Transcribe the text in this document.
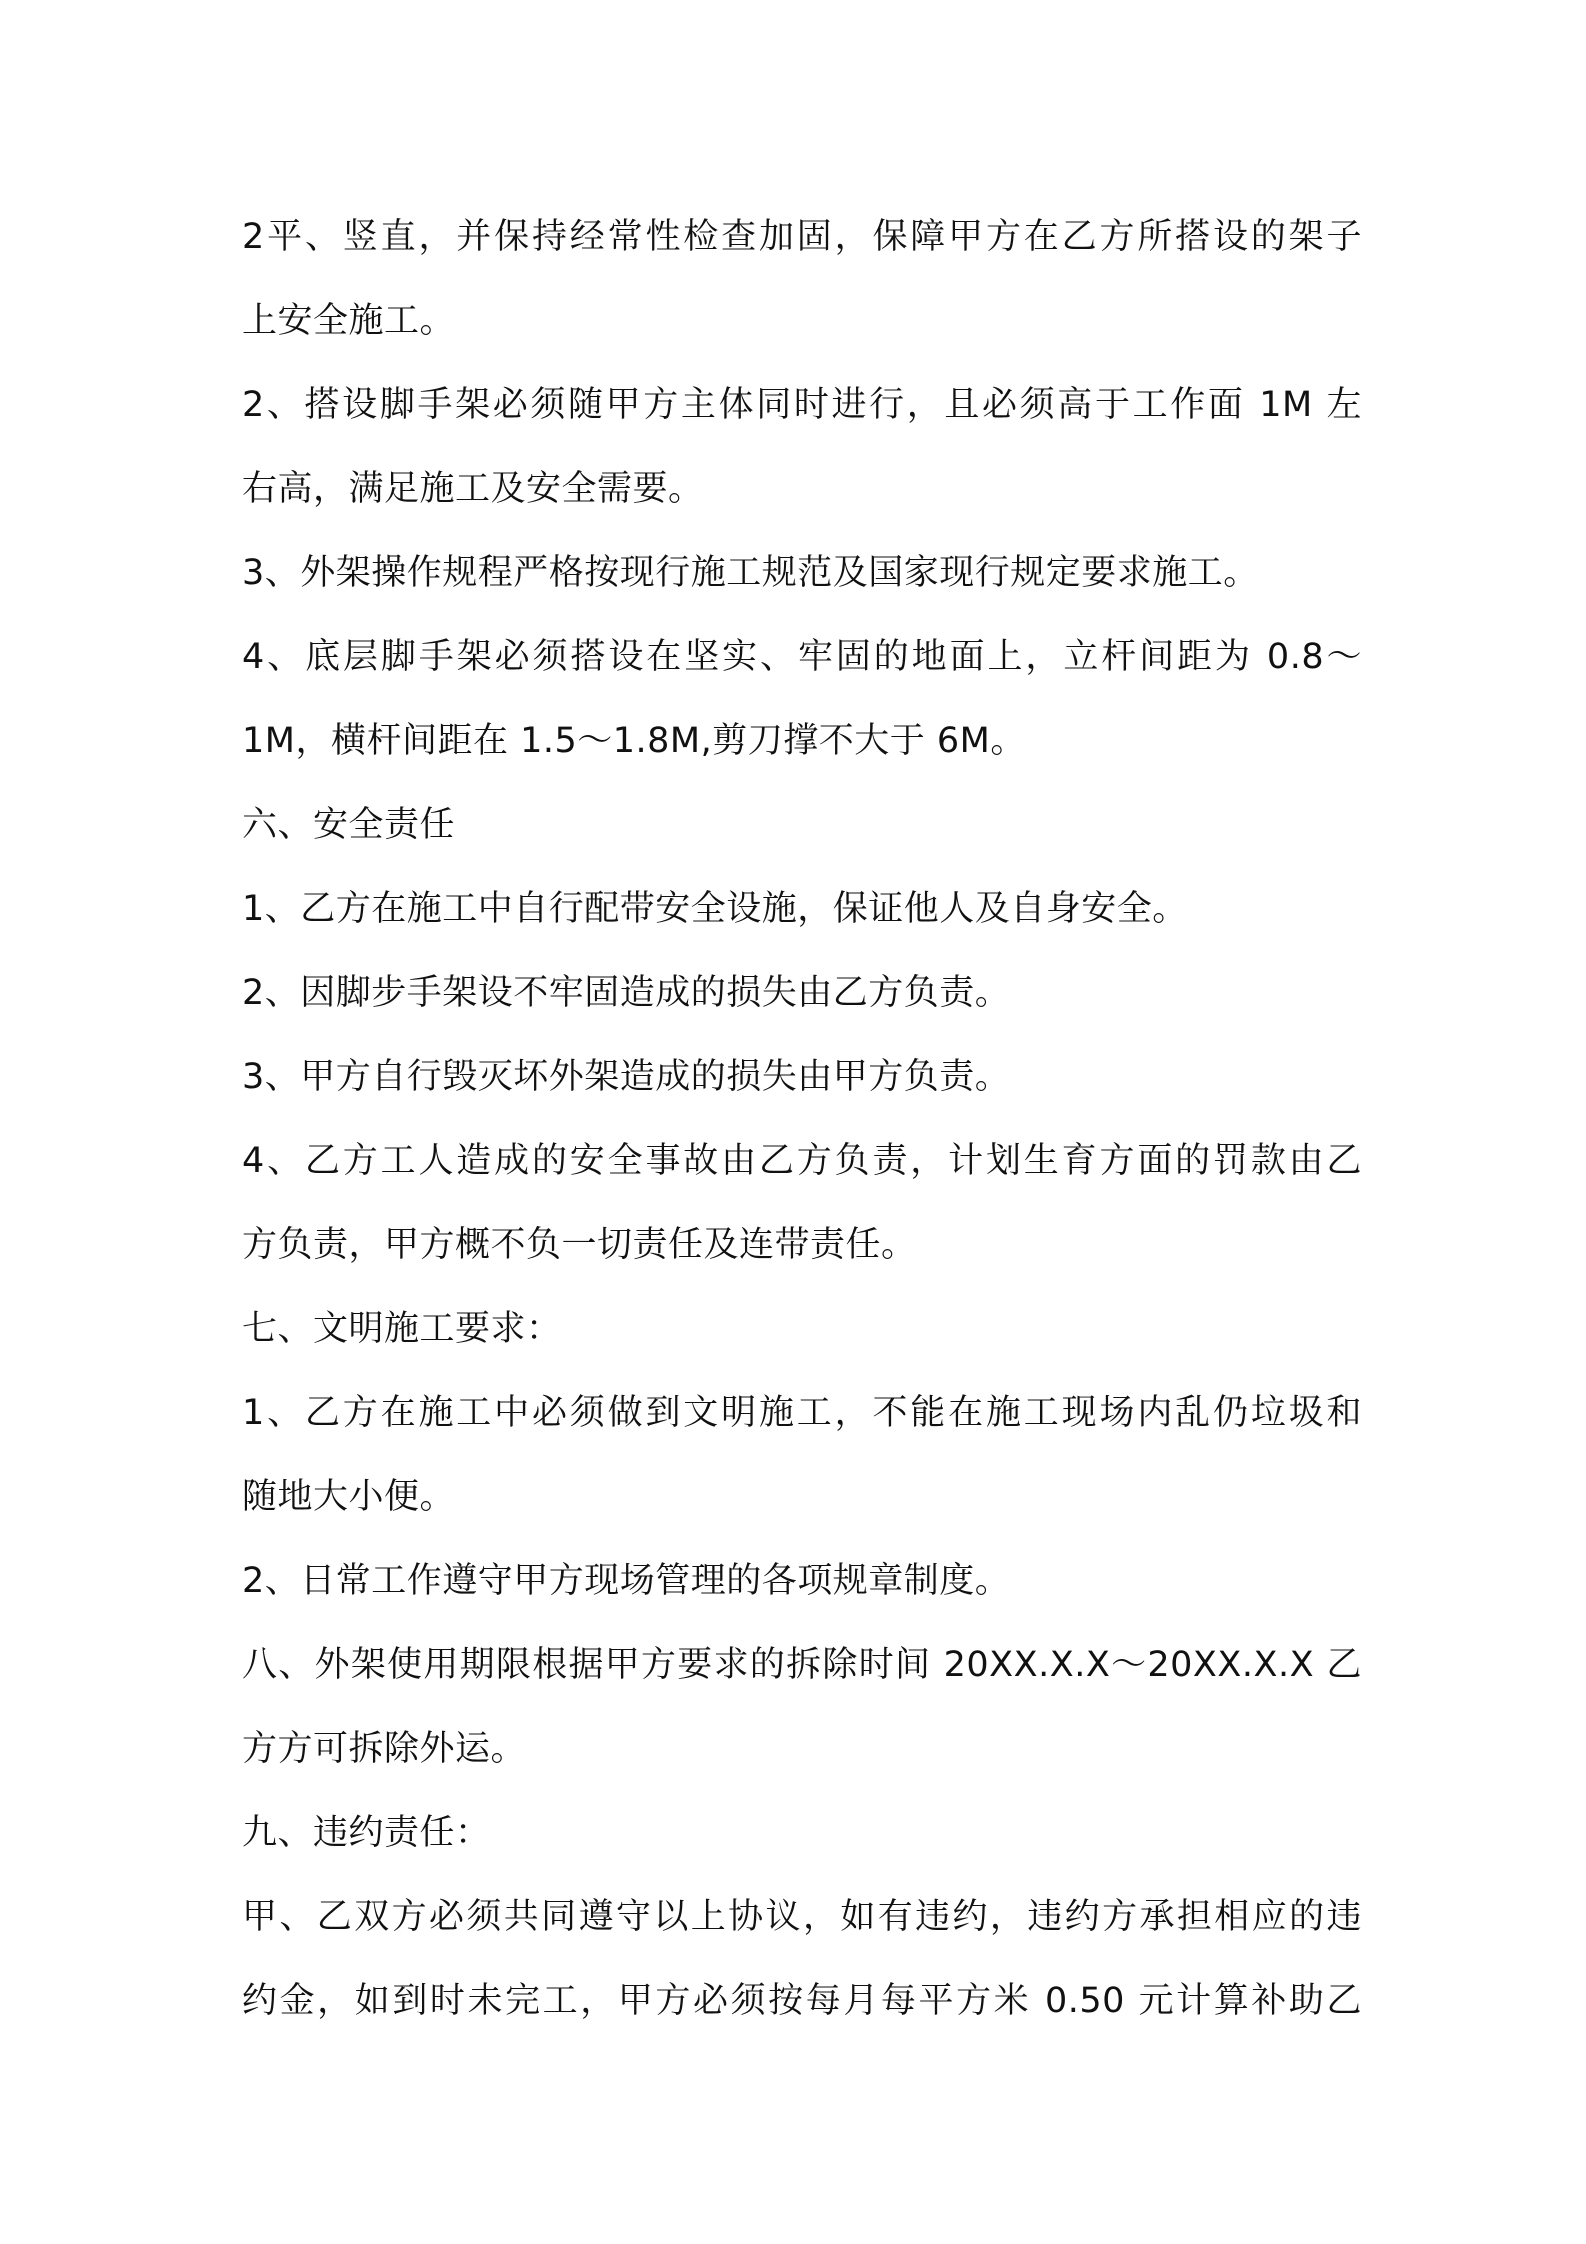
2平、竖直，并保持经常性检查加固，保障甲方在乙方所搭设的架子
上安全施工。
2、搭设脚手架必须随甲方主体同时进行，且必须高于工作面 1M 左
右高，满足施工及安全需要。
3、外架操作规程严格按现行施工规范及国家现行规定要求施工。
4、底层脚手架必须搭设在坚实、牢固的地面上，立杆间距为 0.8～
1M，横杆间距在 1.5～1.8M,剪刀撑不大于 6M。
六、安全责任
1、乙方在施工中自行配带安全设施，保证他人及自身安全。
2、因脚步手架设不牢固造成的损失由乙方负责。
3、甲方自行毁灭坏外架造成的损失由甲方负责。
4、乙方工人造成的安全事故由乙方负责，计划生育方面的罚款由乙
方负责，甲方概不负一切责任及连带责任。
七、文明施工要求：
1、乙方在施工中必须做到文明施工，不能在施工现场内乱仍垃圾和
随地大小便。
2、日常工作遵守甲方现场管理的各项规章制度。
八、外架使用期限根据甲方要求的拆除时间 20XX.X.X～20XX.X.X 乙
方方可拆除外运。
九、违约责任：
甲、乙双方必须共同遵守以上协议，如有违约，违约方承担相应的违
约金，如到时未完工，甲方必须按每月每平方米 0.50 元计算补助乙
